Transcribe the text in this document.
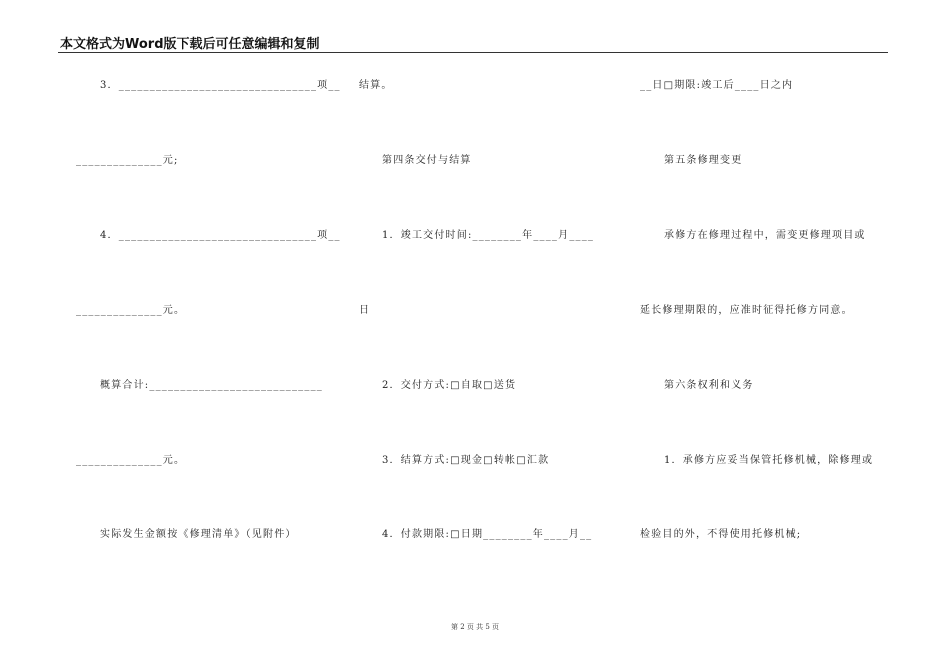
本文格式为Word版下载后可任意编辑和复制
3．________________________________项__
______________元;
4．________________________________项__
______________元。
概算合计:____________________________
______________元。
实际发生金额按《修理清单》（见附件）
结算。
第四条交付与结算
1．竣工交付时间:________年____月____
日
2．交付方式:□自取□送货
3．结算方式:□现金□转帐□汇款
4．付款期限:□日期________年____月__
__日□期限:竣工后____日之内
第五条修理变更
承修方在修理过程中，需变更修理项目或
延长修理期限的，应准时征得托修方同意。
第六条权利和义务
1．承修方应妥当保管托修机械，除修理或
检验目的外，不得使用托修机械;
第 2 页 共 5 页
